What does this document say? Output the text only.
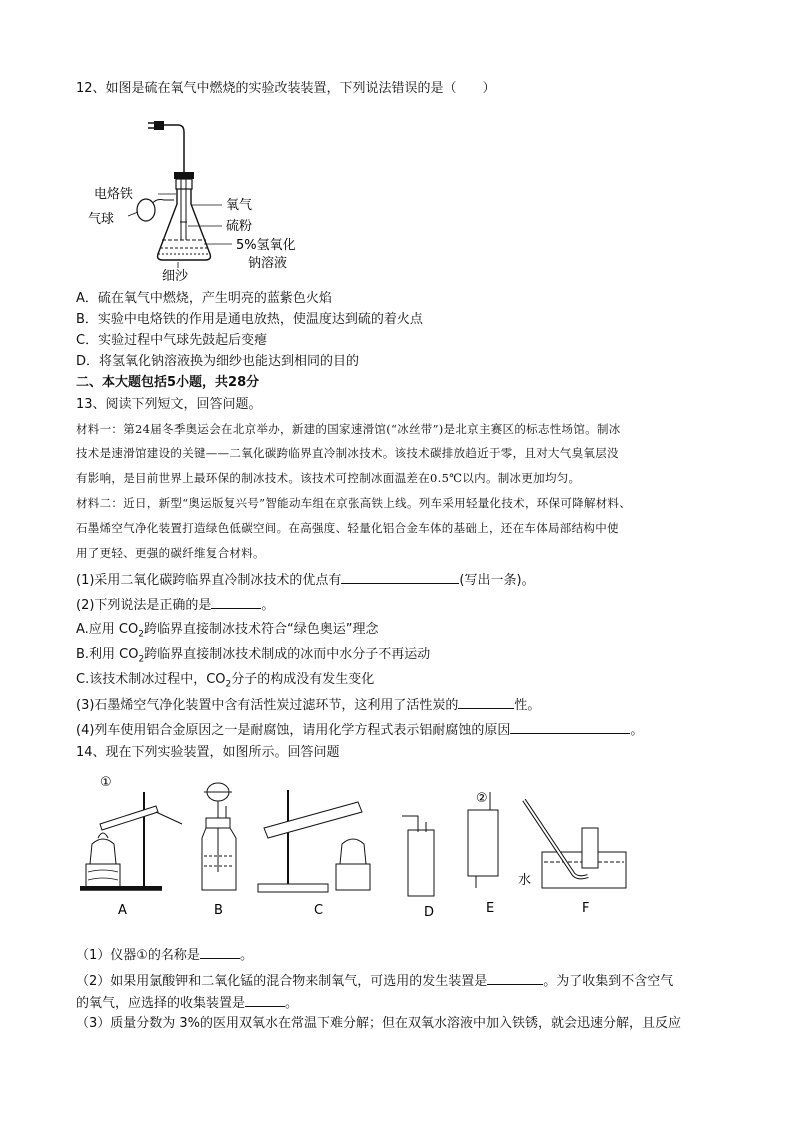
12、如图是硫在氧气中燃烧的实验改装装置，下列说法错误的是（　　）
电烙铁
气球
氧气
硫粉
5%氢氧化
钠溶液
细沙
A．硫在氧气中燃烧，产生明亮的蓝紫色火焰
B．实验中电烙铁的作用是通电放热，使温度达到硫的着火点
C．实验过程中气球先鼓起后变瘪
D．将氢氧化钠溶液换为细纱也能达到相同的目的
二、本大题包括5小题，共28分
13、阅读下列短文，回答问题。
材料一：第24届冬季奥运会在北京举办，新建的国家速滑馆(“冰丝带”)是北京主赛区的标志性场馆。制冰
技术是速滑馆建设的关键——二氧化碳跨临界直冷制冰技术。该技术碳排放趋近于零，且对大气臭氧层没
有影响，是目前世界上最环保的制冰技术。该技术可控制冰面温差在0.5℃以内。制冰更加均匀。
材料二：近日，新型“奥运版复兴号”智能动车组在京张高铁上线。列车采用轻量化技术，环保可降解材料、
石墨烯空气净化装置打造绿色低碳空间。在高强度、轻量化铝合金车体的基础上，还在车体局部结构中使
用了更轻、更强的碳纤维复合材料。
(1)采用二氧化碳跨临界直冷制冰技术的优点有	(写出一条)。
(2)下列说法是正确的是	。
A.应用 $CO_2$跨临界直接制冰技术符合“绿色奥运”理念
B.利用 $CO_2$跨临界直接制冰技术制成的冰而中水分子不再运动
C.该技术制冰过程中，$CO_2$分子的构成没有发生变化
(3)石墨烯空气净化装置中含有活性炭过滤环节，这利用了活性炭的	性。
(4)列车使用铝合金原因之一是耐腐蚀，请用化学方程式表示铝耐腐蚀的原因	。
14、现在下列实验装置，如图所示。回答问题
①
②
水
A	B	C	D	E	F
（1）仪器①的名称是	。
（2）如果用氯酸钾和二氧化锰的混合物来制氧气，可选用的发生装置是	。为了收集到不含空气
的氧气，应选择的收集装置是	。
（3）质量分数为 3%的医用双氧水在常温下难分解；但在双氧水溶液中加入铁锈，就会迅速分解，且反应
